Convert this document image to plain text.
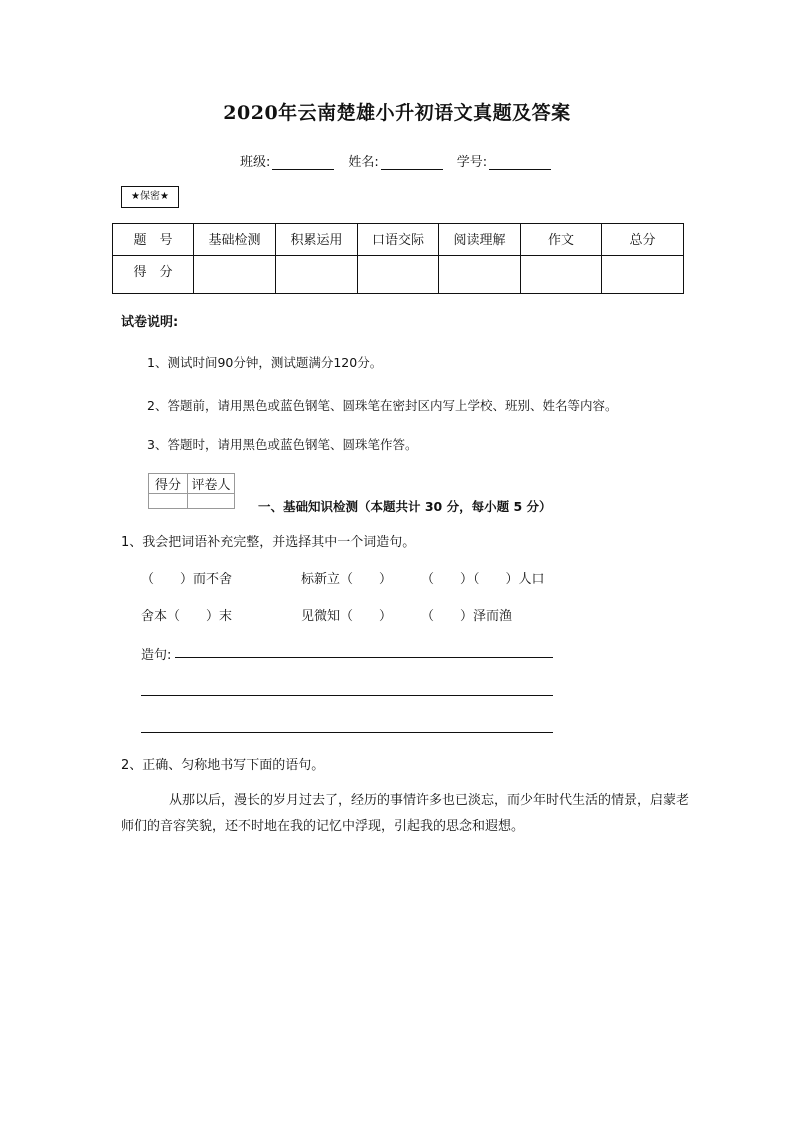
2020年云南楚雄小升初语文真题及答案
班级:	姓名:	学号:
★保密★
题　号	基础检测	积累运用	口语交际	阅读理解	作文	总分
得　分						
试卷说明:
1、测试时间90分钟，测试题满分120分。
2、答题前，请用黑色或蓝色钢笔、圆珠笔在密封区内写上学校、班别、姓名等内容。
3、答题时，请用黑色或蓝色钢笔、圆珠笔作答。
得分	评卷人

一、基础知识检测（本题共计 30 分，每小题 5 分）
1、我会把词语补充完整，并选择其中一个词造句。
（　　）而不舍	标新立（　　） （　　）（　　）人口
舍本（　　）末	见微知（　　） （　　）泽而渔
造句:
2、正确、匀称地书写下面的语句。
从那以后，漫长的岁月过去了，经历的事情许多也已淡忘，而少年时代生活的情景，启蒙老师们的音容笑貌，还不时地在我的记忆中浮现，引起我的思念和遐想。
